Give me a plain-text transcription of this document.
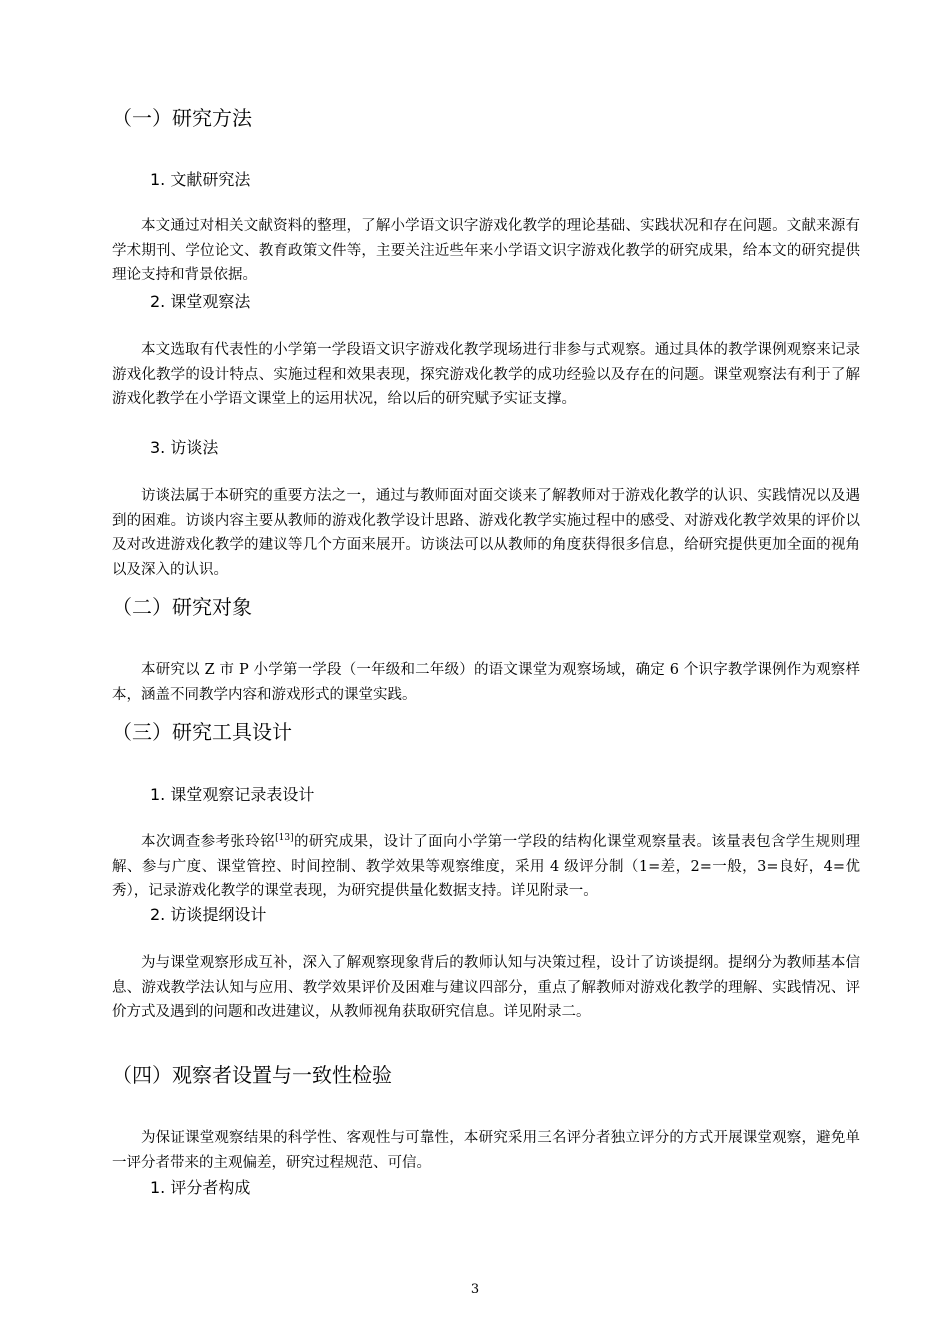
（一）研究方法
1. 文献研究法

本文通过对相关文献资料的整理，了解小学语文识字游戏化教学的理论基础、实践状况和存在问题。文献来源有学术期刊、学位论文、教育政策文件等，主要关注近些年来小学语文识字游戏化教学的研究成果，给本文的研究提供理论支持和背景依据。

2. 课堂观察法

本文选取有代表性的小学第一学段语文识字游戏化教学现场进行非参与式观察。通过具体的教学课例观察来记录游戏化教学的设计特点、实施过程和效果表现，探究游戏化教学的成功经验以及存在的问题。课堂观察法有利于了解游戏化教学在小学语文课堂上的运用状况，给以后的研究赋予实证支撑。

3. 访谈法

访谈法属于本研究的重要方法之一，通过与教师面对面交谈来了解教师对于游戏化教学的认识、实践情况以及遇到的困难。访谈内容主要从教师的游戏化教学设计思路、游戏化教学实施过程中的感受、对游戏化教学效果的评价以及对改进游戏化教学的建议等几个方面来展开。访谈法可以从教师的角度获得很多信息，给研究提供更加全面的视角以及深入的认识。

（二）研究对象

本研究以 Z 市 P 小学第一学段（一年级和二年级）的语文课堂为观察场域，确定 6 个识字教学课例作为观察样本，涵盖不同教学内容和游戏形式的课堂实践。

（三）研究工具设计
1. 课堂观察记录表设计

本次调查参考张玲铭[13]的研究成果，设计了面向小学第一学段的结构化课堂观察量表。该量表包含学生规则理解、参与广度、课堂管控、时间控制、教学效果等观察维度，采用 4 级评分制（1=差，2=一般，3=良好，4=优秀），记录游戏化教学的课堂表现，为研究提供量化数据支持。详见附录一。

2. 访谈提纲设计

为与课堂观察形成互补，深入了解观察现象背后的教师认知与决策过程，设计了访谈提纲。提纲分为教师基本信息、游戏教学法认知与应用、教学效果评价及困难与建议四部分，重点了解教师对游戏化教学的理解、实践情况、评价方式及遇到的问题和改进建议，从教师视角获取研究信息。详见附录二。

（四）观察者设置与一致性检验

为保证课堂观察结果的科学性、客观性与可靠性，本研究采用三名评分者独立评分的方式开展课堂观察，避免单一评分者带来的主观偏差，研究过程规范、可信。

1. 评分者构成
3
